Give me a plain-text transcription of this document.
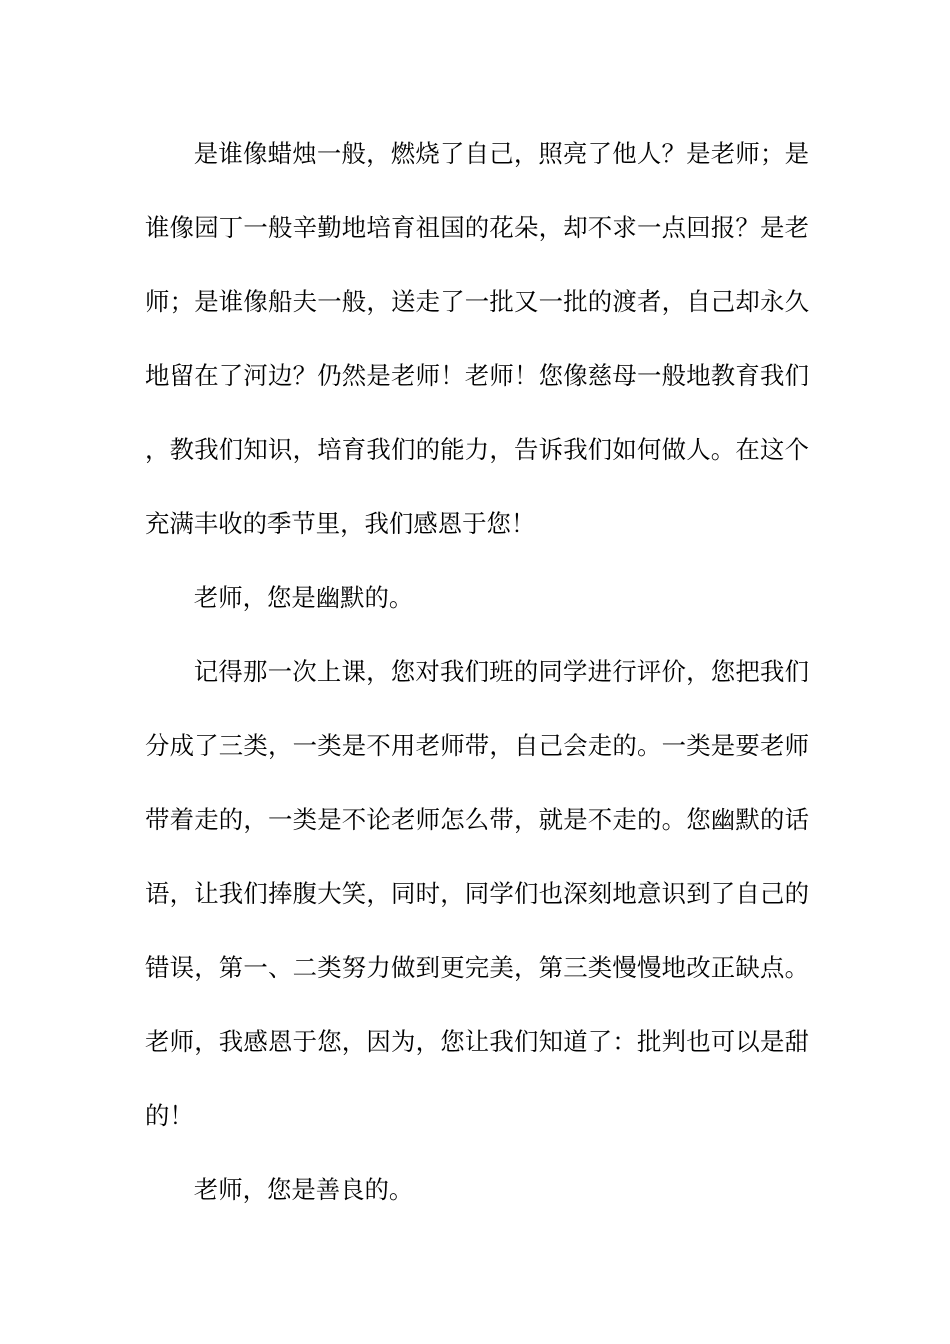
是谁像蜡烛一般，燃烧了自己，照亮了他人？是老师；是谁像园丁一般辛勤地培育祖国的花朵，却不求一点回报？是老师；是谁像船夫一般，送走了一批又一批的渡者，自己却永久地留在了河边？仍然是老师！老师！您像慈母一般地教育我们，教我们知识，培育我们的能力，告诉我们如何做人。在这个充满丰收的季节里，我们感恩于您！

老师，您是幽默的。

记得那一次上课，您对我们班的同学进行评价，您把我们分成了三类，一类是不用老师带，自己会走的。一类是要老师带着走的，一类是不论老师怎么带，就是不走的。您幽默的话语，让我们捧腹大笑，同时，同学们也深刻地意识到了自己的错误，第一、二类努力做到更完美，第三类慢慢地改正缺点。老师，我感恩于您，因为，您让我们知道了：批判也可以是甜的！

老师，您是善良的。
